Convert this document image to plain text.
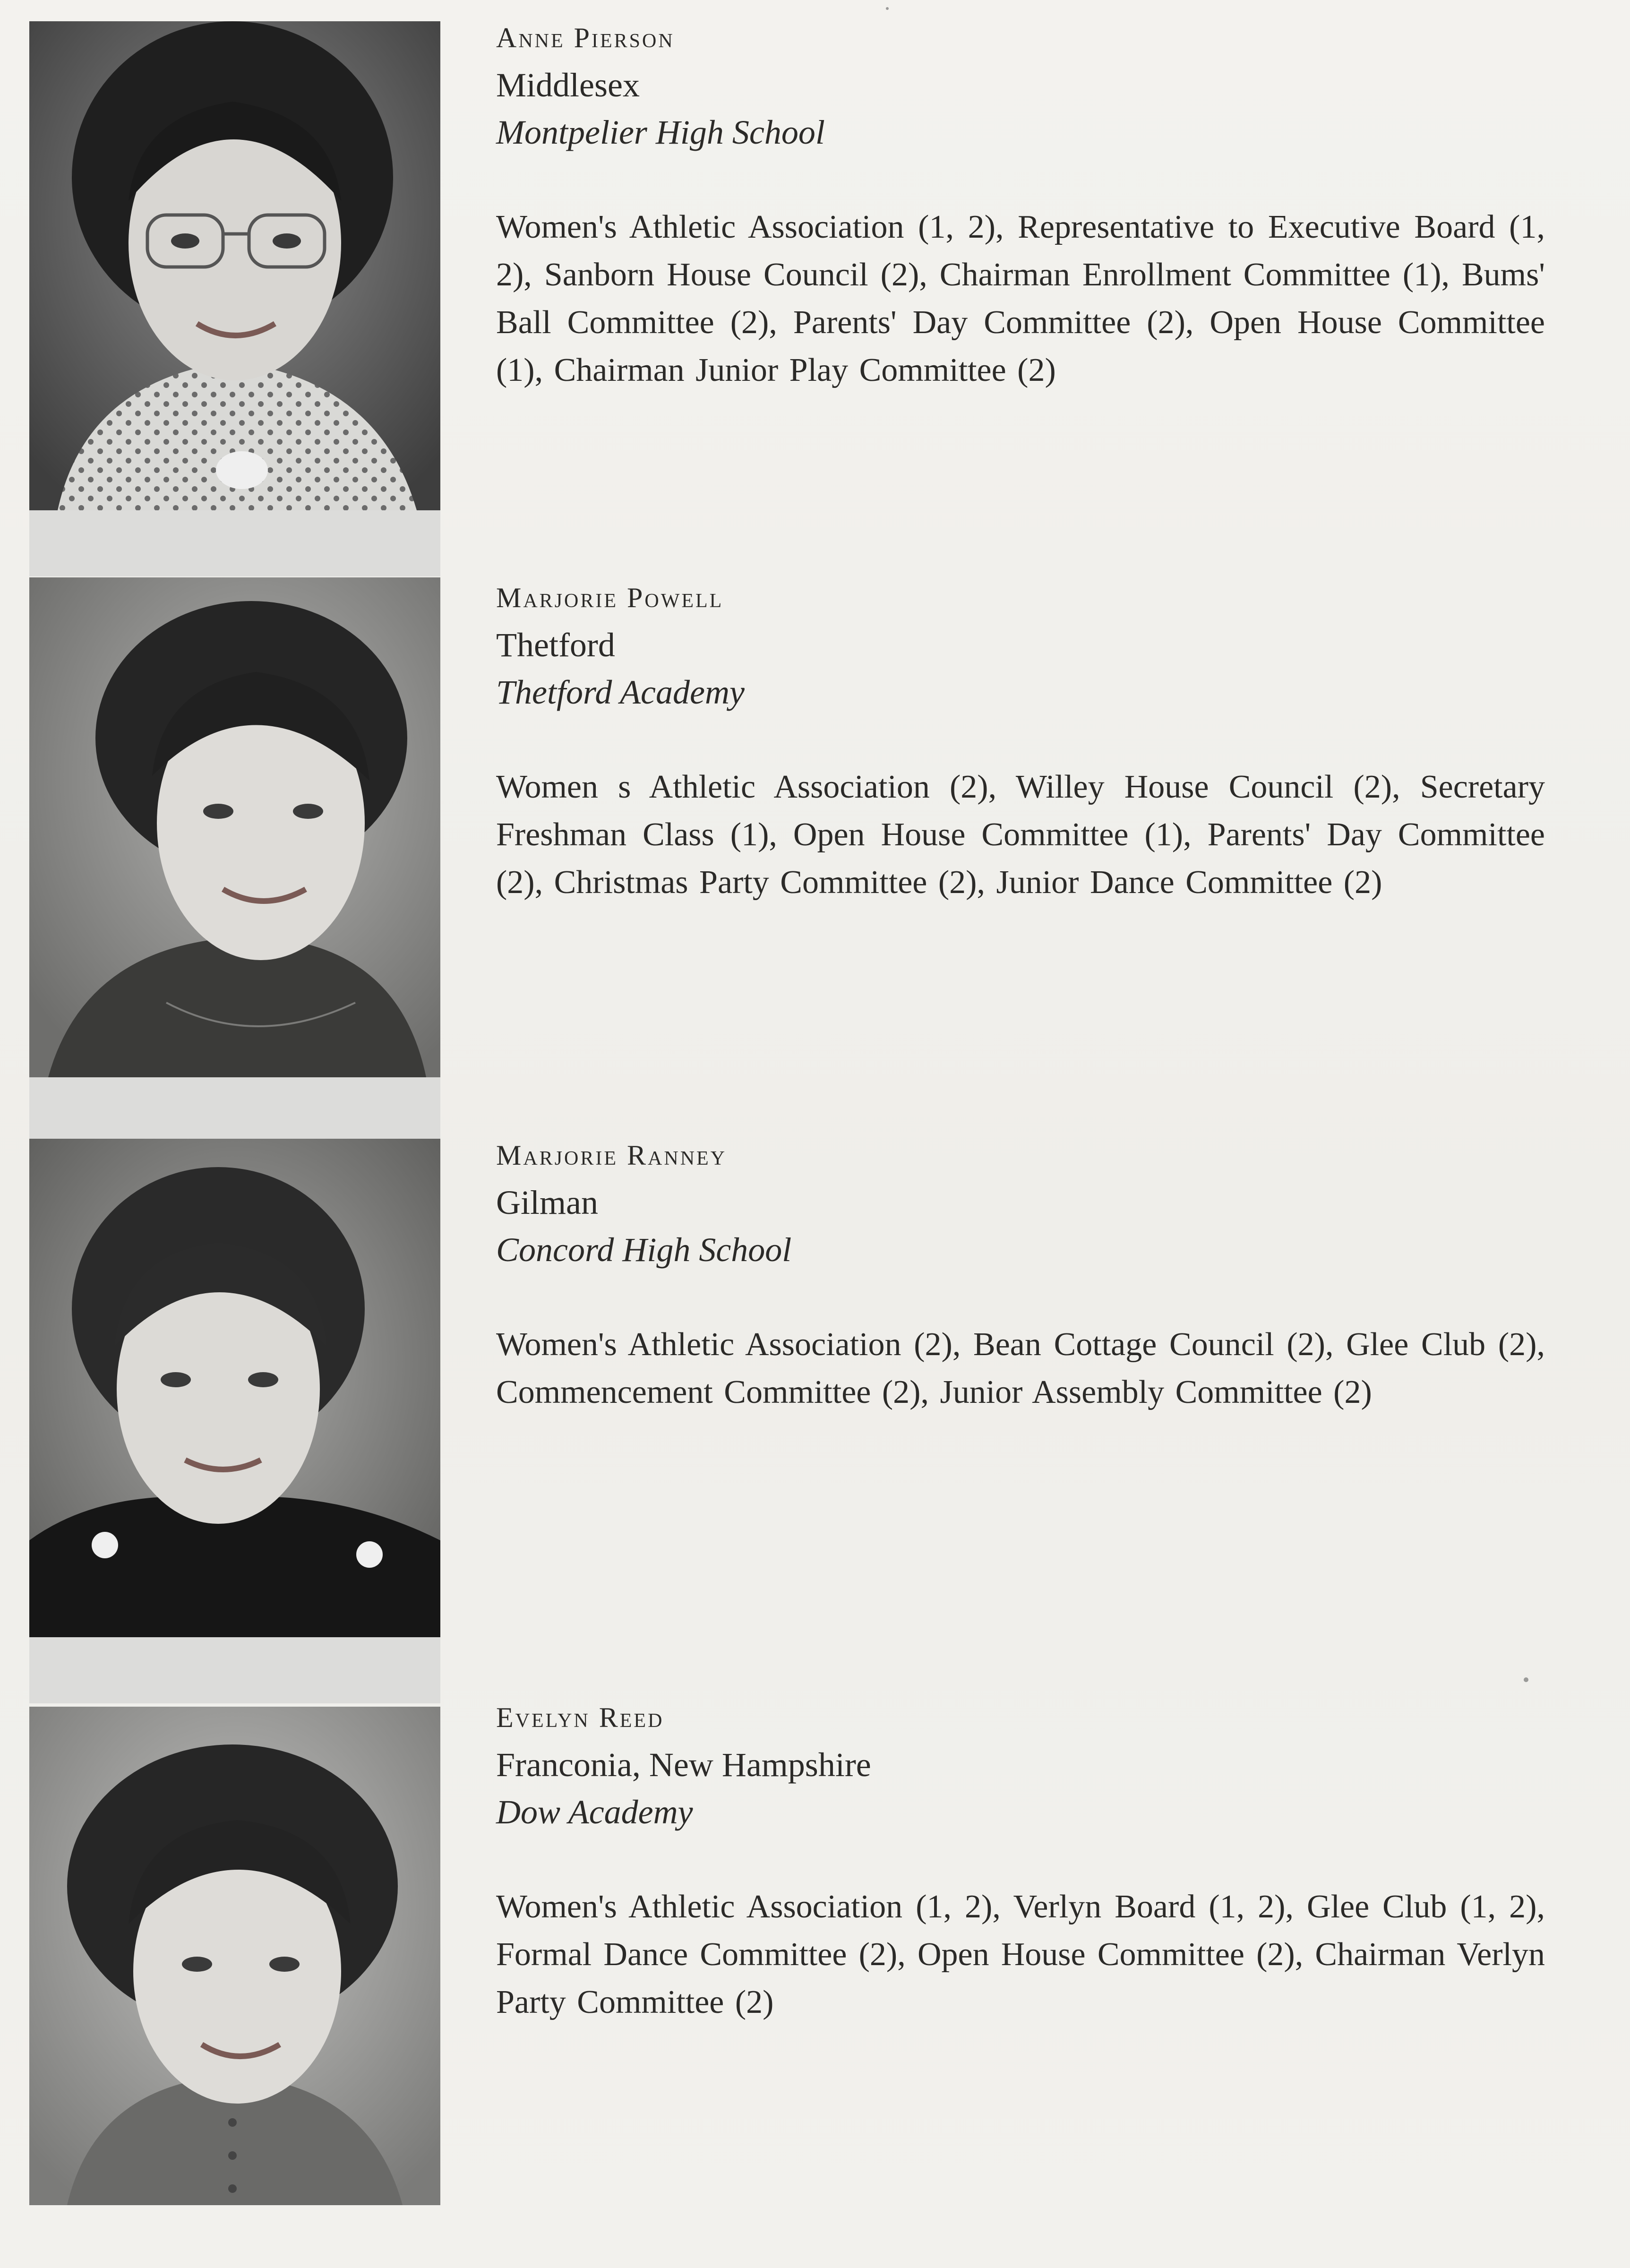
Anne Pierson

Middlesex

Montpelier High School

Women's Athletic Association (1, 2), Representative to Executive Board (1, 2), Sanborn House Council (2), Chairman Enrollment Committee (1), Bums' Ball Committee (2), Parents' Day Committee (2), Open House Committee (1), Chairman Junior Play Committee (2)

Marjorie Powell

Thetford

Thetford Academy

Women s Athletic Association (2), Willey House Council (2), Secretary Freshman Class (1), Open House Committee (1), Parents' Day Committee (2), Christmas Party Committee (2), Junior Dance Committee (2)

Marjorie Ranney

Gilman

Concord High School

Women's Athletic Association (2), Bean Cottage Council (2), Glee Club (2), Commencement Committee (2), Junior Assembly Committee (2)

Evelyn Reed

Franconia, New Hampshire

Dow Academy

Women's Athletic Association (1, 2), Verlyn Board (1, 2), Glee Club (1, 2), Formal Dance Committee (2), Open House Committee (2), Chairman Verlyn Party Committee (2)
